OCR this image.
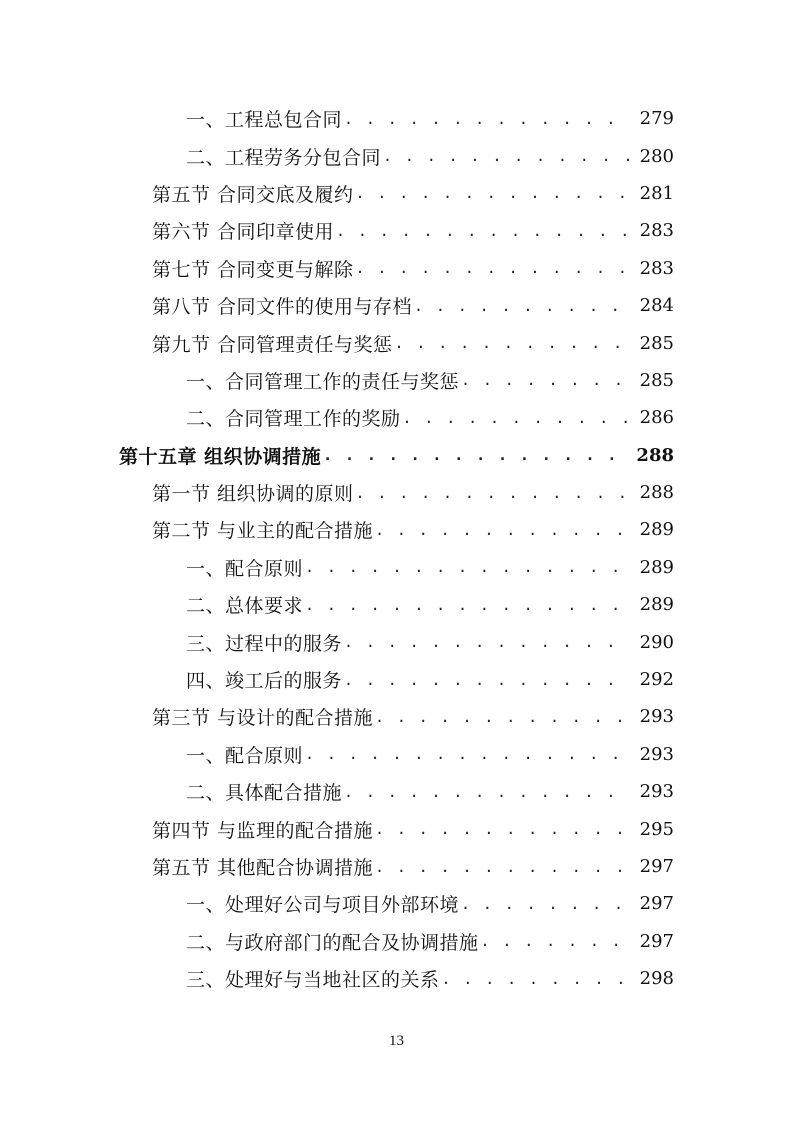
一、工程总包合同 . . .	279
二、工程劳务分包合同 . . .	280
第五节 合同交底及履约 . . .	281
第六节 合同印章使用 . . .	283
第七节 合同变更与解除 . . .	283
第八节 合同文件的使用与存档 . . .	284
第九节 合同管理责任与奖惩 . . .	285
一、合同管理工作的责任与奖惩 . . .	285
二、合同管理工作的奖励 . . .	286
第十五章 组织协调措施 . . .	288
第一节 组织协调的原则 . . .	288
第二节 与业主的配合措施 . . .	289
一、配合原则 . . .	289
二、总体要求 . . .	289
三、过程中的服务 . . .	290
四、竣工后的服务 . . .	292
第三节 与设计的配合措施 . . .	293
一、配合原则 . . .	293
二、具体配合措施 . . .	293
第四节 与监理的配合措施 . . .	295
第五节 其他配合协调措施 . . .	297
一、处理好公司与项目外部环境 . . .	297
二、与政府部门的配合及协调措施 . . .	297
三、处理好与当地社区的关系 . . .	298
13
